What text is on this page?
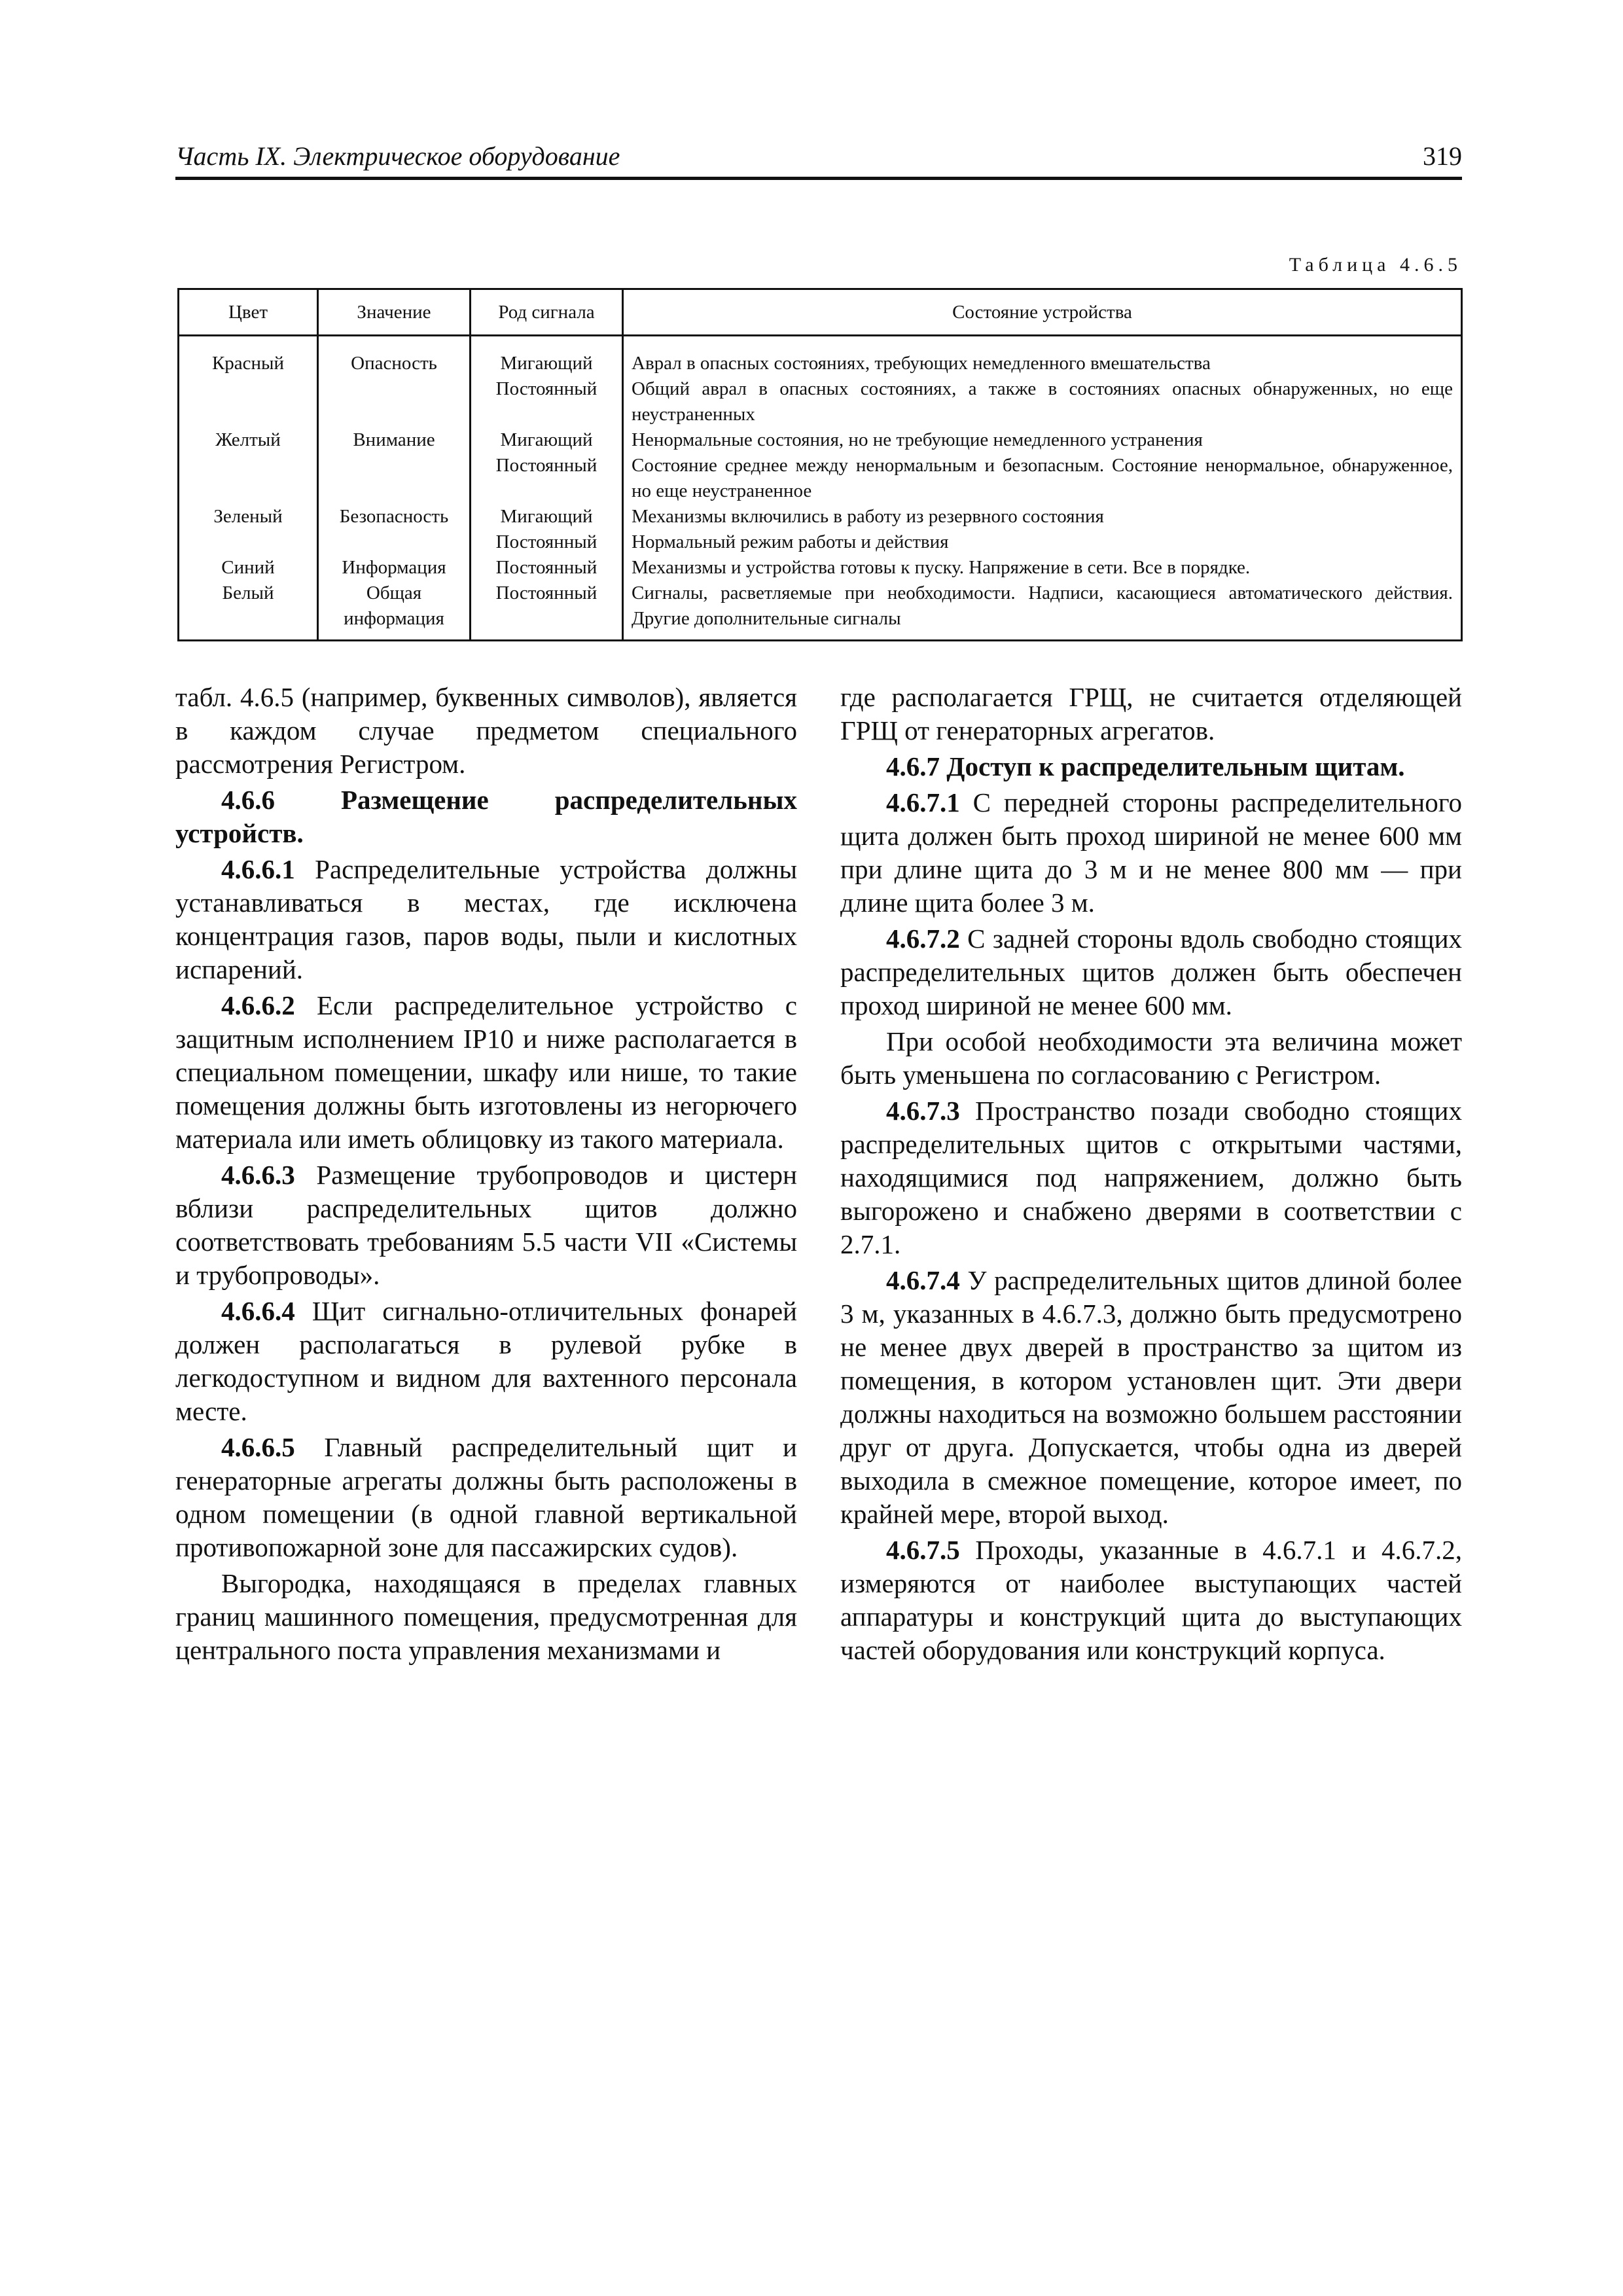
Часть IX. Электрическое оборудование	319
Таблица 4.6.5
Цвет	Значение	Род сигнала	Состояние устройства
Красный	Опасность	Мигающий	Аврал в опасных состояниях, требующих немедленного вмешательства
		Постоянный	Общий аврал в опасных состояниях, а также в состояниях опасных обнаруженных, но еще неустраненных
Желтый	Внимание	Мигающий	Ненормальные состояния, но не требующие немедленного устранения
		Постоянный	Состояние среднее между ненормальным и безопасным. Состояние ненормальное, обнаруженное, но еще неустраненное
Зеленый	Безопасность	Мигающий	Механизмы включились в работу из резервного состояния
		Постоянный	Нормальный режим работы и действия
Синий	Информация	Постоянный	Механизмы и устройства готовы к пуску. Напряжение в сети. Все в порядке.
Белый	Общая информация	Постоянный	Сигналы, расветляемые при необходимости. Надписи, касающиеся автоматического действия. Другие дополнительные сигналы

табл. 4.6.5 (например, буквенных символов), является в каждом случае предметом специального рассмотрения Регистром.

4.6.6 Размещение распределительных устройств.

4.6.6.1 Распределительные устройства должны устанавливаться в местах, где исключена концентрация газов, паров воды, пыли и кислотных испарений.

4.6.6.2 Если распределительное устройство с защитным исполнением IP10 и ниже располагается в специальном помещении, шкафу или нише, то такие помещения должны быть изготовлены из негорючего материала или иметь облицовку из такого материала.

4.6.6.3 Размещение трубопроводов и цистерн вблизи распределительных щитов должно соответствовать требованиям 5.5 части VII «Системы и трубопроводы».

4.6.6.4 Щит сигнально-отличительных фонарей должен располагаться в рулевой рубке в легкодоступном и видном для вахтенного персонала месте.

4.6.6.5 Главный распределительный щит и генераторные агрегаты должны быть расположены в одном помещении (в одной главной вертикальной противопожарной зоне для пассажирских судов).

Выгородка, находящаяся в пределах главных границ машинного помещения, предусмотренная для центрального поста управления механизмами и

где располагается ГРЩ, не считается отделяющей ГРЩ от генераторных агрегатов.

4.6.7 Доступ к распределительным щитам.

4.6.7.1 С передней стороны распределительного щита должен быть проход шириной не менее 600 мм при длине щита до 3 м и не менее 800 мм — при длине щита более 3 м.

4.6.7.2 С задней стороны вдоль свободно стоящих распределительных щитов должен быть обеспечен проход шириной не менее 600 мм.

При особой необходимости эта величина может быть уменьшена по согласованию с Регистром.

4.6.7.3 Пространство позади свободно стоящих распределительных щитов с открытыми частями, находящимися под напряжением, должно быть выгорожено и снабжено дверями в соответствии с 2.7.1.

4.6.7.4 У распределительных щитов длиной более 3 м, указанных в 4.6.7.3, должно быть предусмотрено не менее двух дверей в пространство за щитом из помещения, в котором установлен щит. Эти двери должны находиться на возможно большем расстоянии друг от друга. Допускается, чтобы одна из дверей выходила в смежное помещение, которое имеет, по крайней мере, второй выход.

4.6.7.5 Проходы, указанные в 4.6.7.1 и 4.6.7.2, измеряются от наиболее выступающих частей аппаратуры и конструкций щита до выступающих частей оборудования или конструкций корпуса.
